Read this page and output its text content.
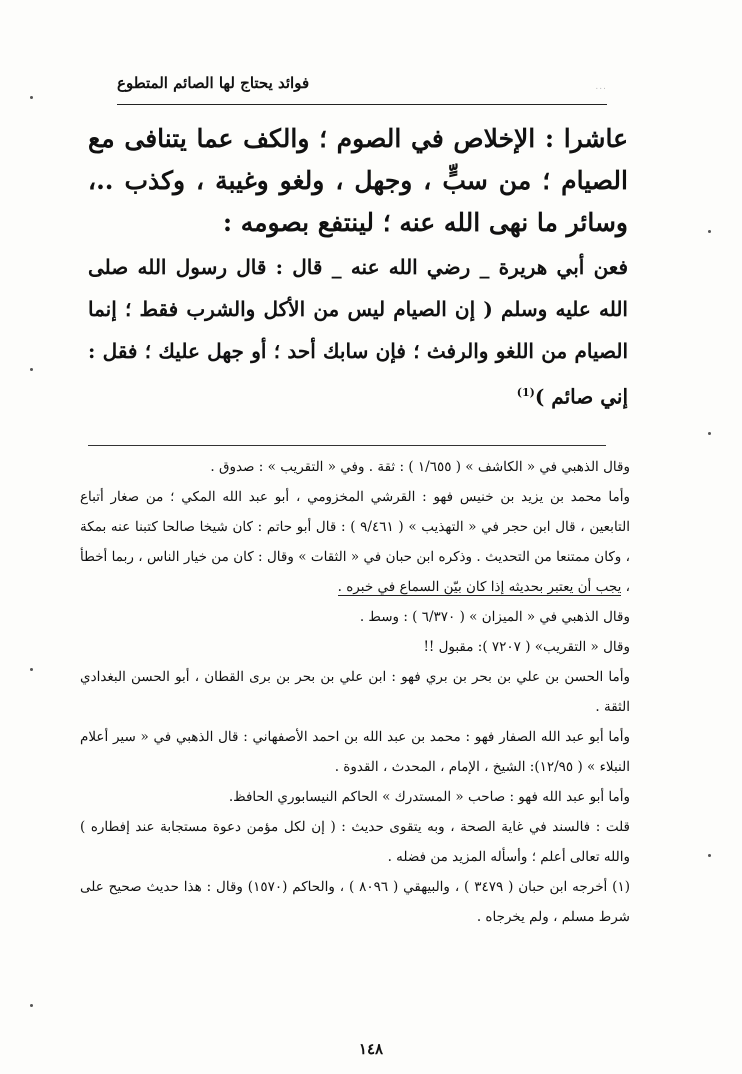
فوائد يحتاج لها الصائم المتطوع	...

عاشرا : الإخلاص في الصوم ؛ والكف عما يتنافى مع الصيام ؛ من سبٍّ ، وجهل ، ولغو وغيبة ، وكذب ..، وسائر ما نهى الله عنه ؛ لينتفع بصومه :

فعن أبي هريرة _ رضي الله عنه _ قال : قال رسول الله صلى الله عليه وسلم ( إن الصيام ليس من الأكل والشرب فقط ؛ إنما الصيام من اللغو والرفث ؛ فإن سابك أحد ؛ أو جهل عليك ؛ فقل : إني صائم )$^{(1)}$

وقال الذهبي في « الكاشف » ( ١/٦٥٥ ) : ثقة . وفي « التقريب » : صدوق .

وأما محمد بن يزيد بن خنيس فهو : القرشي المخزومي ، أبو عبد الله المكي ؛ من صغار أتباع التابعين ، قال ابن حجر في « التهذيب » ( ٩/٤٦١ ) : قال أبو حاتم : كان شيخا صالحا كتبنا عنه بمكة ، وكان ممتنعا من التحديث . وذكره ابن حبان في « الثقات » وقال : كان من خيار الناس ، ربما أخطأ ، يجب أن يعتبر بحديثه إذا كان بيّن السماع في خبره .

وقال الذهبي في « الميزان » ( ٦/٣٧٠ ) : وسط .

وقال « التقريب» ( ٧٢٠٧ ): مقبول !!

وأما الحسن بن علي بن بحر بن بري فهو : ابن علي بن بحر بن برى القطان ، أبو الحسن البغدادي الثقة .

وأما أبو عبد الله الصفار فهو : محمد بن عبد الله بن احمد الأصفهاني : قال الذهبي في « سير أعلام النبلاء » ( ١٢/٩٥): الشيخ ، الإمام ، المحدث ، القدوة .

وأما أبو عبد الله فهو : صاحب « المستدرك » الحاكم النيسابوري الحافظ.

قلت : فالسند في غاية الصحة ، وبه يتقوى حديث : ( إن لكل مؤمن دعوة مستجابة عند إفطاره ) والله تعالى أعلم ؛ وأسأله المزيد من فضله .

(١) أخرجه ابن حبان ( ٣٤٧٩ ) ، والبيهقي ( ٨٠٩٦ ) ، والحاكم (١٥٧٠) وقال : هذا حديث صحيح على شرط مسلم ، ولم يخرجاه .

١٤٨
